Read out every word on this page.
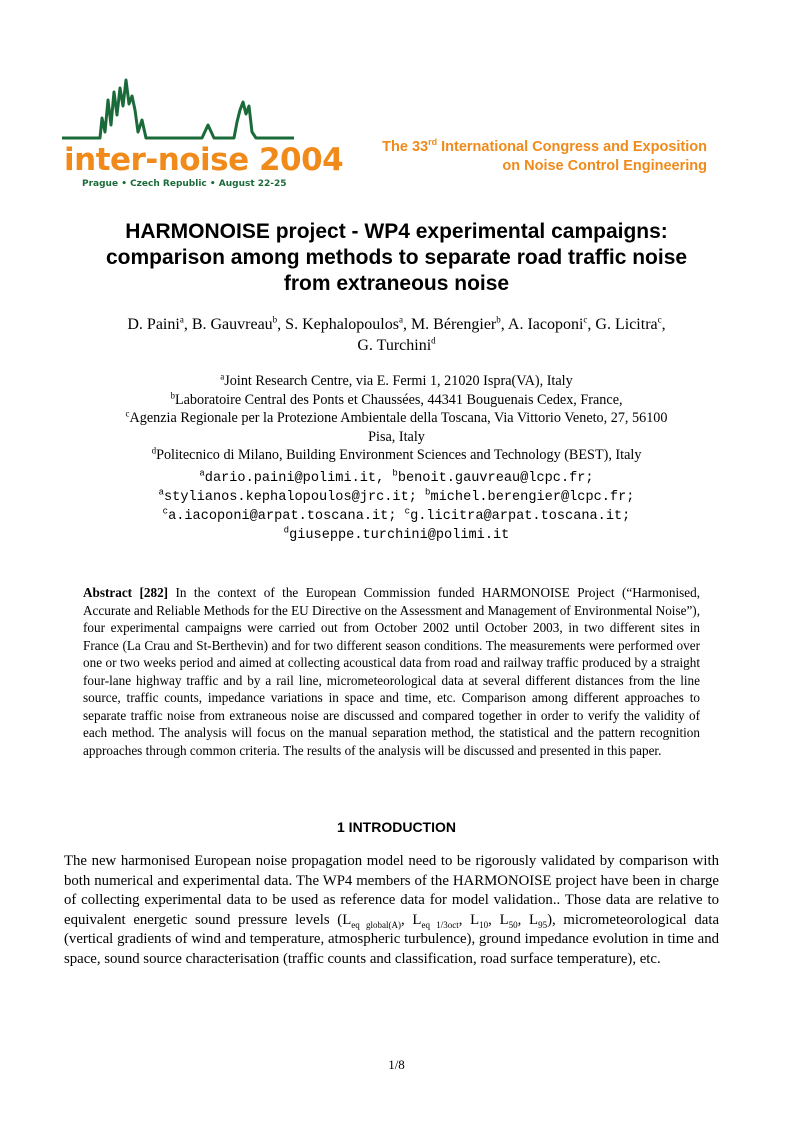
inter-noise 2004
Prague • Czech Republic • August 22-25
The 33rd International Congress and Exposition
on Noise Control Engineering
HARMONOISE project - WP4 experimental campaigns:
comparison among methods to separate road traffic noise
from extraneous noise
D. Paini$^a$, B. Gauvreau$^b$, S. Kephalopoulos$^a$, M. Bérengier$^b$, A. Iacoponi$^c$, G. Licitra$^c$,
G. Turchini$^d$
$^a$Joint Research Centre, via E. Fermi 1, 21020 Ispra(VA), Italy
$^b$Laboratoire Central des Ponts et Chaussées, 44341 Bouguenais Cedex, France,
$^c$Agenzia Regionale per la Protezione Ambientale della Toscana, Via Vittorio Veneto, 27, 56100
Pisa, Italy
$^d$Politecnico di Milano, Building Environment Sciences and Technology (BEST), Italy
$^a$dario.paini@polimi.it, $^b$benoit.gauvreau@lcpc.fr;
$^a$stylianos.kephalopoulos@jrc.it; $^b$michel.berengier@lcpc.fr;
$^c$a.iacoponi@arpat.toscana.it; $^c$g.licitra@arpat.toscana.it;
$^d$giuseppe.turchini@polimi.it
Abstract [282] In the context of the European Commission funded HARMONOISE Project (“Harmonised, Accurate and Reliable Methods for the EU Directive on the Assessment and Management of Environmental Noise”), four experimental campaigns were carried out from October 2002 until October 2003, in two different sites in France (La Crau and St-Berthevin) and for two different season conditions. The measurements were performed over one or two weeks period and aimed at collecting acoustical data from road and railway traffic produced by a straight four-lane highway traffic and by a rail line, micrometeorological data at several different distances from the line source, traffic counts, impedance variations in space and time, etc. Comparison among different approaches to separate traffic noise from extraneous noise are discussed and compared together in order to verify the validity of each method. The analysis will focus on the manual separation method, the statistical and the pattern recognition approaches through common criteria. The results of the analysis will be discussed and presented in this paper.
1 INTRODUCTION
The new harmonised European noise propagation model need to be rigorously validated by comparison with both numerical and experimental data. The WP4 members of the HARMONOISE project have been in charge of collecting experimental data to be used as reference data for model validation.. Those data are relative to equivalent energetic sound pressure levels ($L_{eq global(A)}$, $L_{eq 1/3oct}$, $L_{10}$, $L_{50}$, $L_{95}$), micrometeorological data (vertical gradients of wind and temperature, atmospheric turbulence), ground impedance evolution in time and space, sound source characterisation (traffic counts and classification, road surface temperature), etc.
1/8
